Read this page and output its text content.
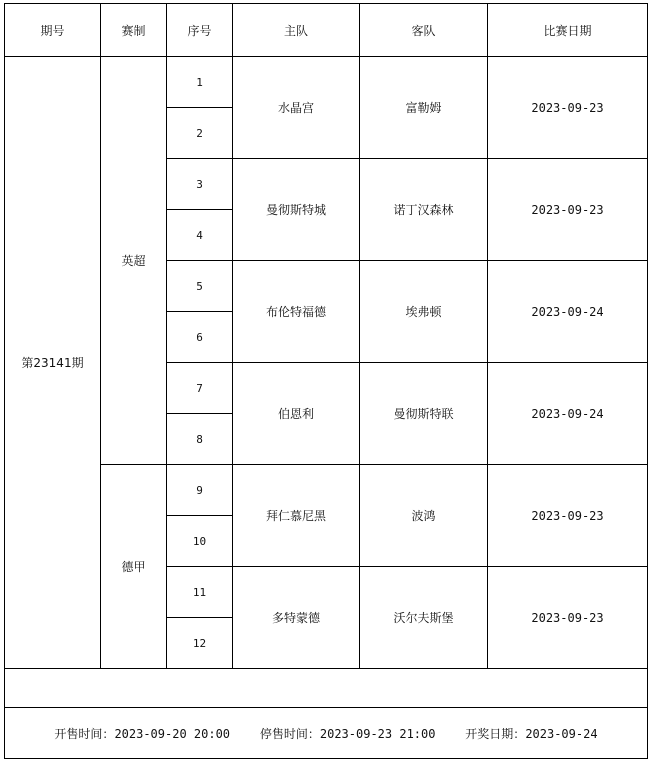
期号	赛制	序号	主队	客队	比赛日期
第23141期	英超	1	水晶宫	富勒姆	2023-09-23
		2			
		3	曼彻斯特城	诺丁汉森林	2023-09-23
		4			
		5	布伦特福德	埃弗顿	2023-09-24
		6			
		7	伯恩利	曼彻斯特联	2023-09-24
		8			
	德甲	9	拜仁慕尼黑	波鸿	2023-09-23
		10			
		11	多特蒙德	沃尔夫斯堡	2023-09-23
		12			

开售时间：2023-09-20 20:00 停售时间：2023-09-23 21:00 开奖日期：2023-09-24					
